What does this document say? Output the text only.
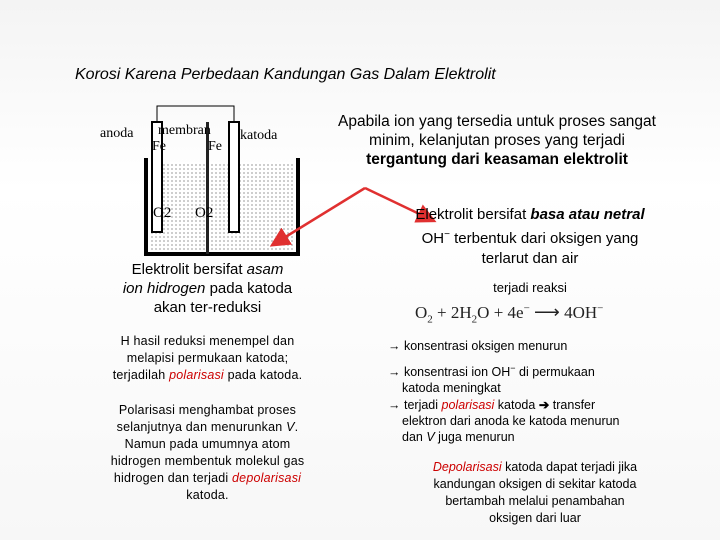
Korosi Karena Perbedaan Kandungan Gas Dalam Elektrolit
anoda membran katoda
Fe	Fe
O2 O2
Apabila ion yang tersedia untuk proses sangat
minim, kelanjutan proses yang terjadi
tergantung dari keasaman elektrolit
Elektrolit bersifat asam
ion hidrogen pada katoda
akan ter-reduksi
H hasil reduksi menempel dan
melapisi permukaan katoda;
terjadilah polarisasi pada katoda.
Polarisasi menghambat proses
selanjutnya dan menurunkan V.
Namun pada umumnya atom
hidrogen membentuk molekul gas
hidrogen dan terjadi depolarisasi
katoda.
Elektrolit bersifat basa atau netral
OH− terbentuk dari oksigen yang
terlarut dan air
terjadi reaksi
$O_2 + 2H_2O + 4e^-$ ⟶ 4OH−
→ konsentrasi oksigen menurun
→ konsentrasi ion OH− di permukaan
katoda meningkat
→ terjadi polarisasi katoda ➔ transfer
elektron dari anoda ke katoda menurun
dan V juga menurun
Depolarisasi katoda dapat terjadi jika
kandungan oksigen di sekitar katoda
bertambah melalui penambahan
oksigen dari luar
